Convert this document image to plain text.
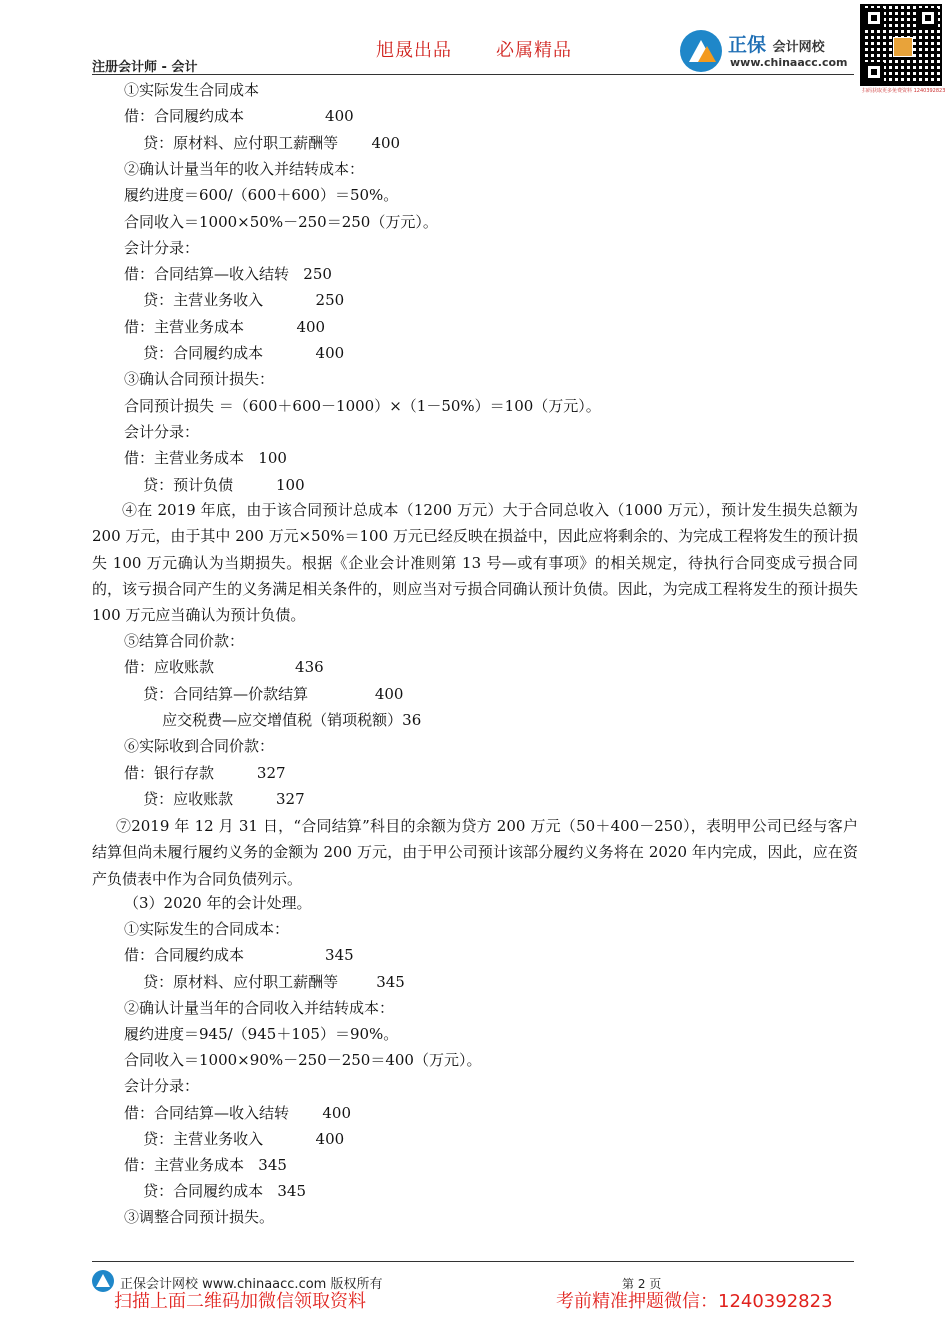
旭晟出品 必属精品
注册会计师 - 会计
正保 会计网校
www.chinaacc.com
扫码获取更多免费资料 1240392823
①实际发生合同成本
借：合同履约成本                 400
贷：原材料、应付职工薪酬等       400
②确认计量当年的收入并结转成本：
履约进度＝600/（600＋600）＝50%。
合同收入＝1000×50%－250＝250（万元）。
会计分录：
借：合同结算—收入结转   250
贷：主营业务收入           250
借：主营业务成本           400
贷：合同履约成本           400
③确认合同预计损失：
合同预计损失 ＝（600＋600－1000）×（1－50%）＝100（万元）。
会计分录：
借：主营业务成本   100
贷：预计负债         100
④在 2019 年底，由于该合同预计总成本（1200 万元）大于合同总收入（1000 万元），预计发生损失总额为 200 万元，由于其中 200 万元×50%＝100 万元已经反映在损益中，因此应将剩余的、为完成工程将发生的预计损失 100 万元确认为当期损失。根据《企业会计准则第 13 号—或有事项》的相关规定，待执行合同变成亏损合同的，该亏损合同产生的义务满足相关条件的，则应当对亏损合同确认预计负债。因此，为完成工程将发生的预计损失 100 万元应当确认为预计负债。
⑤结算合同价款：
借：应收账款                 436
贷：合同结算—价款结算              400
应交税费—应交增值税（销项税额）36
⑥实际收到合同价款：
借：银行存款         327
贷：应收账款         327
⑦2019 年 12 月 31 日，“合同结算”科目的余额为贷方 200 万元（50＋400－250），表明甲公司已经与客户结算但尚未履行履约义务的金额为 200 万元，由于甲公司预计该部分履约义务将在 2020 年内完成，因此，应在资产负债表中作为合同负债列示。
（3）2020 年的会计处理。
①实际发生的合同成本：
借：合同履约成本                 345
贷：原材料、应付职工薪酬等        345
②确认计量当年的合同收入并结转成本：
履约进度＝945/（945＋105）＝90%。
合同收入＝1000×90%－250－250＝400（万元）。
会计分录：
借：合同结算—收入结转       400
贷：主营业务收入           400
借：主营业务成本   345
贷：合同履约成本   345
③调整合同预计损失。
正保会计网校 www.chinaacc.com 版权所有	第 2 页
扫描上面二维码加微信领取资料	考前精准押题微信：1240392823
